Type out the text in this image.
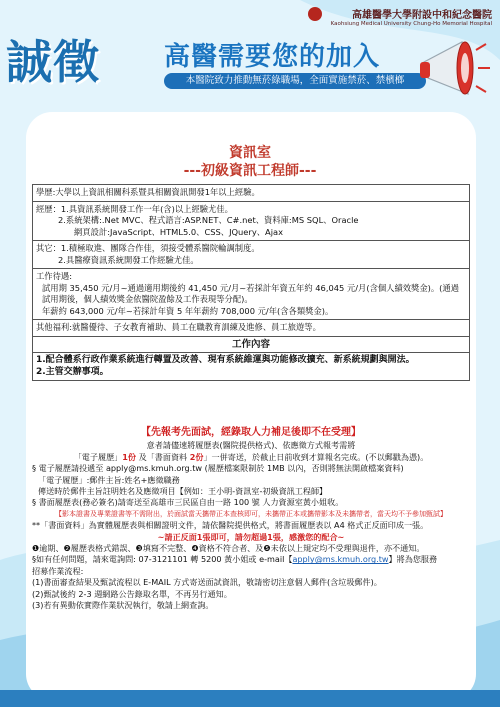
高雄醫學大學附設中和紀念醫院
Kaohsiung Medical University Chung-Ho Memorial Hospital
誠徵 高醫需要您的加入
本醫院致力推動無菸綠職場，全面實施禁菸、禁檳榔
資訊室
---初級資訊工程師---
學歷:大學以上資訊相關科系暨具相關資訊開發1年以上經驗。
經歷：1.具資訊系統開發工作一年(含)以上經驗尤佳。
2.系統架構:.Net MVC、程式語言:ASP.NET、C#.net、資料庫:MS SQL、Oracle
網頁設計:JavaScript、HTML5.0、CSS、JQuery、Ajax

其它：1.積極取進、團隊合作佳，須接受體系醫院輪調制度。
2.具醫療資訊系統開發工作經驗尤佳。

工作待遇:

試用期 35,450 元/月~通過適用期後約 41,450 元/月~若採計年資五年約 46,045 元/月(含個人績效獎金)。(通過試用期後，個人績效獎金依醫院盈餘及工作表現等分配)。
年薪約 643,000 元/年~若採計年資 5 年年薪約 708,000 元/年(含各類獎金)。

其他福利:就醫優待、子女教育補助、員工在職教育訓練及進修、員工旅遊等。
工作內容

1.配合體系行政作業系統進行轉置及改善、現有系統維運與功能修改擴充、新系統規劃與開法。
2.主管交辦事項。
【先報考先面試，經錄取人力補足後即不在受理】
意者請儘速將履歷表(醫院提供格式)、依應徵方式報考需將
「電子履歷」1份 及「書面資料 2份」一併寄送，於截止日前收到才算報名完成。(不以郵戳為憑)。
§ 電子履歷請投遞至 apply@ms.kmuh.org.tw (履歷檔案限制於 1MB 以內，否則將無法開啟檔案資料)
「電子履歷」:郵件主旨:姓名+應徵職務
傳送時於郵件主旨註明姓名及應徵項目【例如：王小明-資訊室-初級資訊工程師】
§ 書面履歷表(務必簽名)請寄送至高雄市三民區自由一路 100 號 人力資源室黃小姐收。
【影本證書及專業證書等不需附出，於面試當天攜帶正本查核即可，未攜帶正本或攜帶影本及未攜帶者，當天均不予參加甄試】
**「書面資料」為實體履歷表與相關證明文件，請依醫院提供格式，將書面履歷表以 A4 格式正反面印成一張。
~請正反面1張即可，請勿超過1張，感激您的配合~
❶逾期、❷履歷表格式錯誤、❸填寫不完整、❹資格不符合者、及❺未依以上規定均不受理與退件，亦不通知。
§如有任何問題，請來電詢問: 07-3121101 轉 5200 黃小姐或 e-mail【apply@ms.kmuh.org.tw】將為您服務
招募作業流程:
(1)書面審查結果及甄試流程以 E-MAIL 方式寄送面試資訊，敬請密切注意個人郵件(含垃圾郵件)。
(2)甄試後約 2-3 週網路公告錄取名單，不再另行通知。
(3)若有異動依實際作業狀況執行，敬請上網查詢。
